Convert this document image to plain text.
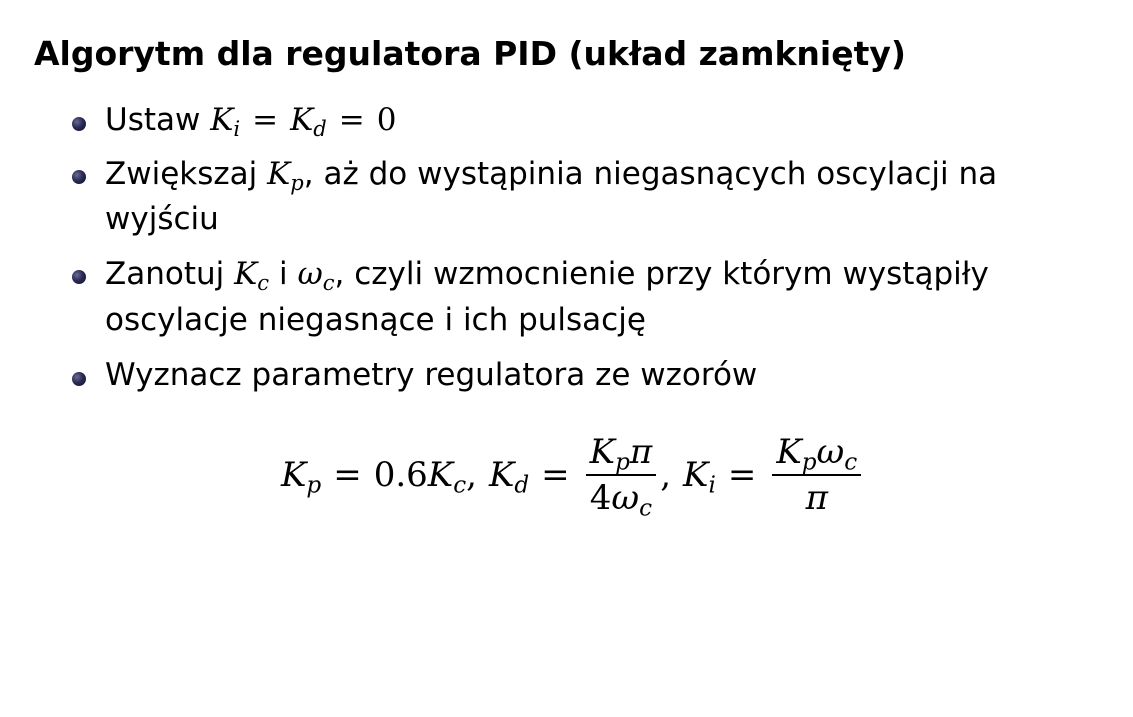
Algorytm dla regulatora PID (układ zamknięty)
Ustaw $K_i = K_d = 0$
Zwiększaj $K_p$, aż do wystąpinia niegasnących oscylacji na
wyjściu
Zanotuj $K_c$ i $\omega_c$, czyli wzmocnienie przy którym wystąpiły
oscylacje niegasnące i ich pulsację
Wyznacz parametry regulatora ze wzorów
$K_p = 0.6$ $K_c$ , $K_d = \frac{K_p\pi}{4\omega_c}$ , $K_i = \frac{K_p\omega_c}{\pi}$
